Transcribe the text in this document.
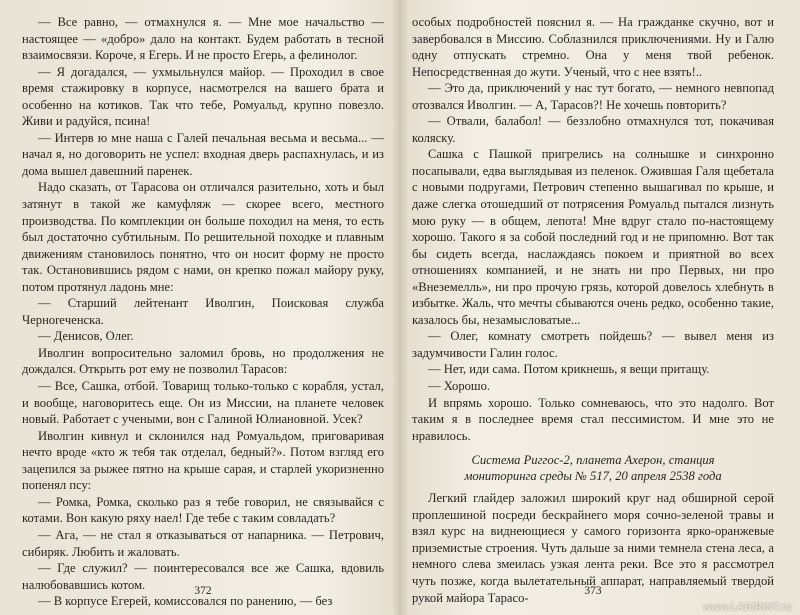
— Все равно, — отмахнулся я. — Мне мое начальство — настоящее — «добро» дало на контакт. Будем работать в тесной взаимосвязи. Короче, я Егерь. И не просто Егерь, а фелинолог.

— Я догадался, — ухмыльнулся майор. — Проходил в свое время стажировку в корпусе, насмотрелся на вашего брата и особенно на котиков. Так что тебе, Ромуальд, крупно повезло. Живи и радуйся, псина!

— Интерв ю мне наша с Галей печальная весьма и весьма... — начал я, но договорить не успел: входная дверь распахнулась, и из дома вышел давешний паренек.

Надо сказать, от Тарасова он отличался разительно, хоть и был затянут в такой же камуфляж — скорее всего, местного производства. По комплекции он больше походил на меня, то есть был достаточно субтильным. По решительной походке и плавным движениям становилось понятно, что он носит форму не просто так. Остановившись рядом с нами, он крепко пожал майору руку, потом протянул ладонь мне:

— Старший лейтенант Иволгин, Поисковая служба Черноreченска.

— Денисов, Олег.

Иволгин вопросительно заломил бровь, но продолжения не дождался. Открыть рот ему не позволил Тарасов:

— Все, Сашка, отбой. Товарищ только-только с корабля, устал, и вообще, наговоритесь еще. Он из Миссии, на планете человек новый. Работает с учеными, вон с Галиной Юлиановной. Усек?

Иволгин кивнул и склонился над Ромуальдом, приговаривая нечто вроде «кто ж тебя так отделал, бедный?». Потом взгляд его зацепился за рыжее пятно на крыше сарая, и старлей укоризненно попенял псу:

— Ромка, Ромка, сколько раз я тебе говорил, не связывайся с котами. Вон какую ряху наел! Где тебе с таким совладать?

— Ага, — не стал я отказываться от напарника. — Петрович, сибиряк. Любить и жаловать.

— Где служил? — поинтересовался все же Сашка, вдовиль налюбовавшись котом.

— В корпусе Егерей, комиссовался по ранению, — без

372

особых подробностей пояснил я. — На гражданке скучно, вот и завербовался в Миссию. Соблазнился приключениями. Ну и Галю одну отпускать стремно. Она у меня твой ребенок. Непосредственная до жути. Ученый, что с нее взять!..

— Это да, приключений у нас тут богато, — немного невпопад отозвался Иволгин. — А, Тарасов?! Не хочешь повторить?

— Отвали, балабол! — беззлобно отмахнулся тот, покачивая коляску.

Сашка с Пашкой пригрелись на солнышке и синхронно посапывали, едва выглядывая из пеленок. Ожившая Галя щебетала с новыми подругами, Петрович степенно вышагивал по крыше, и даже слегка отошедший от потрясения Ромуальд пытался лизнуть мою руку — в общем, лепота! Мне вдруг стало по-настоящему хорошо. Такого я за собой последний год и не припомню. Вот так бы сидеть всегда, наслаждаясь покоем и приятной во всех отношениях компанией, и не знать ни про Первых, ни про «Внеземелль», ни про прочую грязь, которой довелось хлебнуть в избытке. Жаль, что мечты сбываются очень редко, особенно такие, казалось бы, незамысловатые...

— Олег, комнату смотреть пойдешь? — вывел меня из задумчивости Галин голос.

— Нет, иди сама. Потом крикнешь, я вещи притащу.

— Хорошо.

И впрямь хорошо. Только сомневаюсь, что это надолго. Вот таким я в последнее время стал пессимистом. И мне это не нравилось.

Система Риггос-2, планета Ахерон, станция
мониторинга среды № 517, 20 апреля 2538 года

Легкий глайдер заложил широкий круг над обширной серой проплешиной посреди бескрайнего моря сочно-зеленой травы и взял курс на виднеющиеся у самого горизонта ярко-оранжевые приземистые строения. Чуть дальше за ними темнела стена леса, а немного слева змеилась узкая лента реки. Все это я рассмотрел чуть позже, когда вылетательный аппарат, направляемый твердой рукой майора Тарасо-	373
www.LABIRINT.ru
